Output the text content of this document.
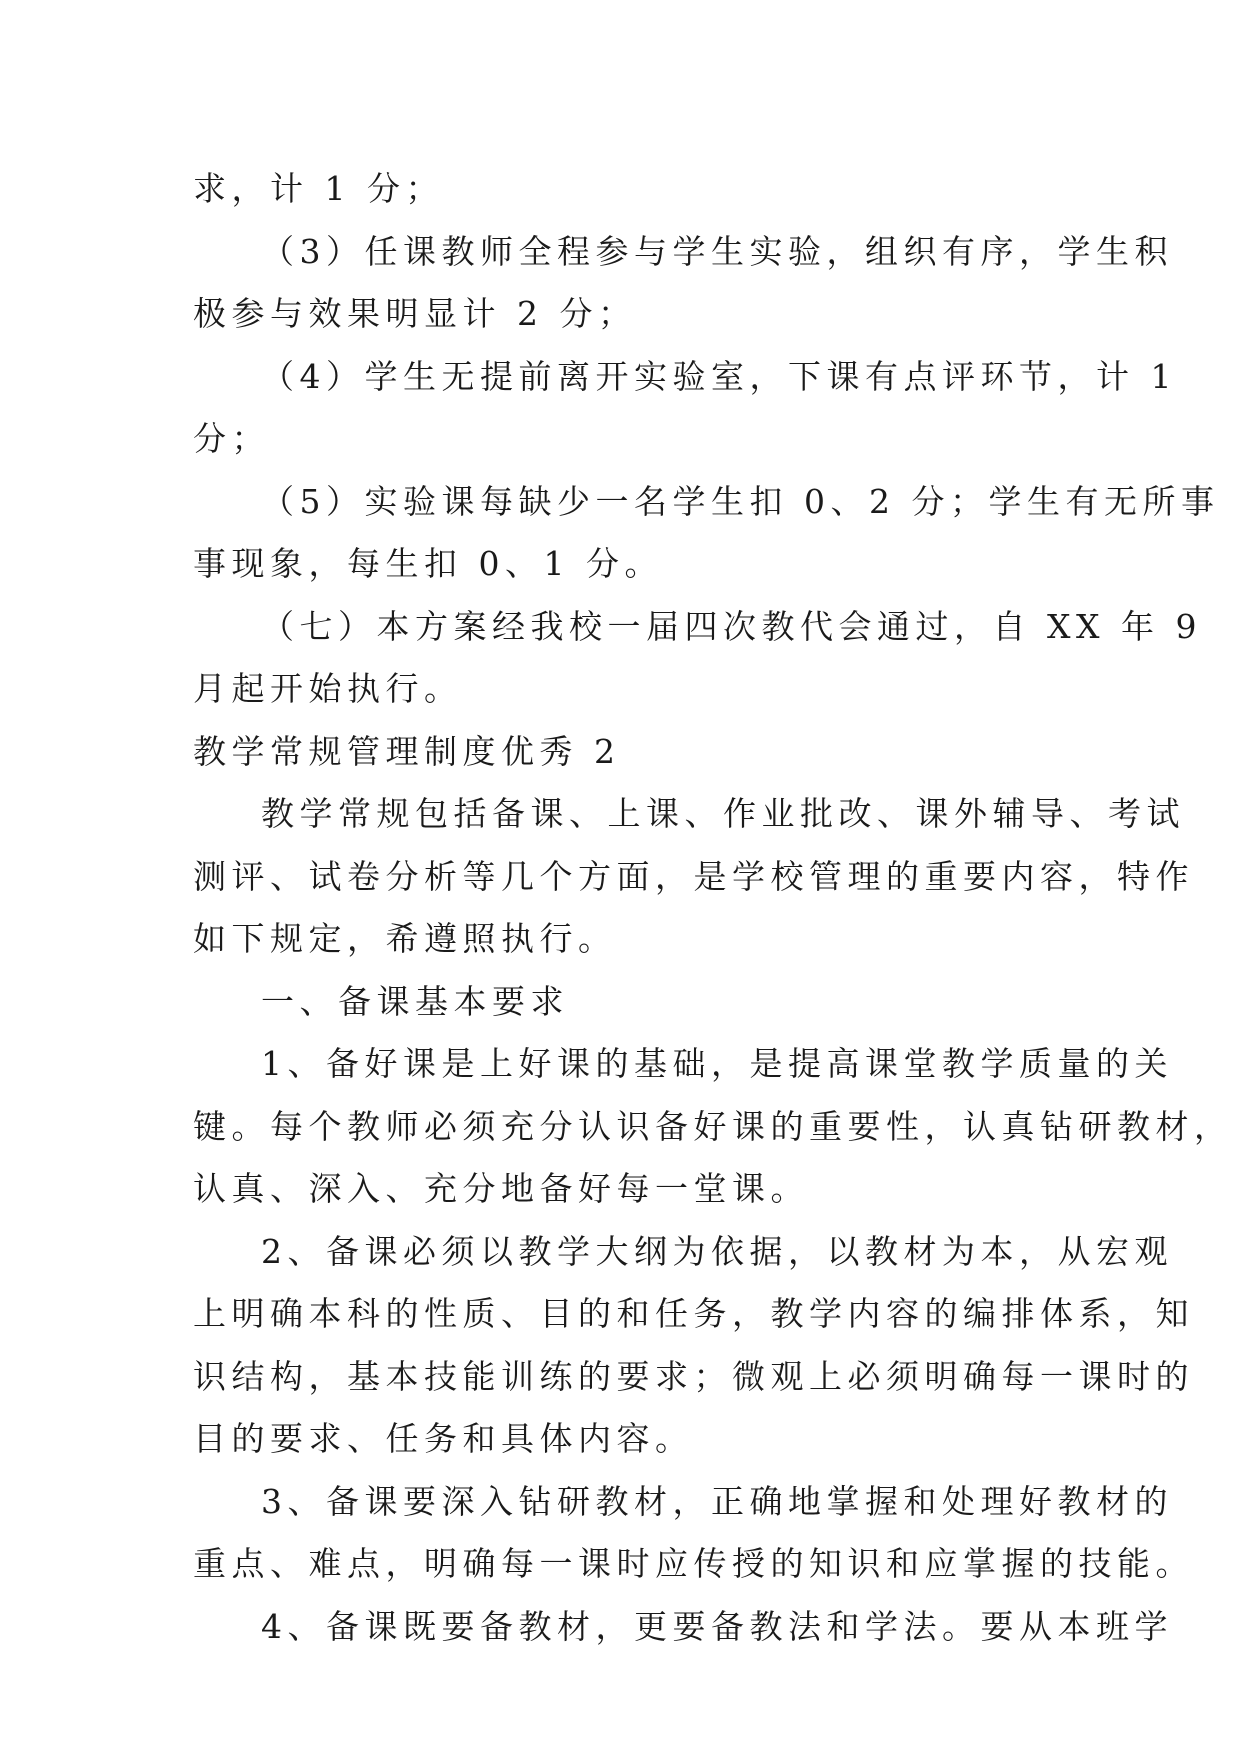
求，计 1 分；
（3）任课教师全程参与学生实验，组织有序，学生积
极参与效果明显计 2 分；
（4）学生无提前离开实验室，下课有点评环节，计 1
分；
（5）实验课每缺少一名学生扣 0、2 分；学生有无所事
事现象，每生扣 0、1 分。
（七）本方案经我校一届四次教代会通过，自 XX 年 9
月起开始执行。
教学常规管理制度优秀 2
教学常规包括备课、上课、作业批改、课外辅导、考试
测评、试卷分析等几个方面，是学校管理的重要内容，特作
如下规定，希遵照执行。
一、备课基本要求
1、备好课是上好课的基础，是提高课堂教学质量的关
键。每个教师必须充分认识备好课的重要性，认真钻研教材，
认真、深入、充分地备好每一堂课。
2、备课必须以教学大纲为依据，以教材为本，从宏观
上明确本科的性质、目的和任务，教学内容的编排体系，知
识结构，基本技能训练的要求；微观上必须明确每一课时的
目的要求、任务和具体内容。
3、备课要深入钻研教材，正确地掌握和处理好教材的
重点、难点，明确每一课时应传授的知识和应掌握的技能。
4、备课既要备教材，更要备教法和学法。要从本班学
